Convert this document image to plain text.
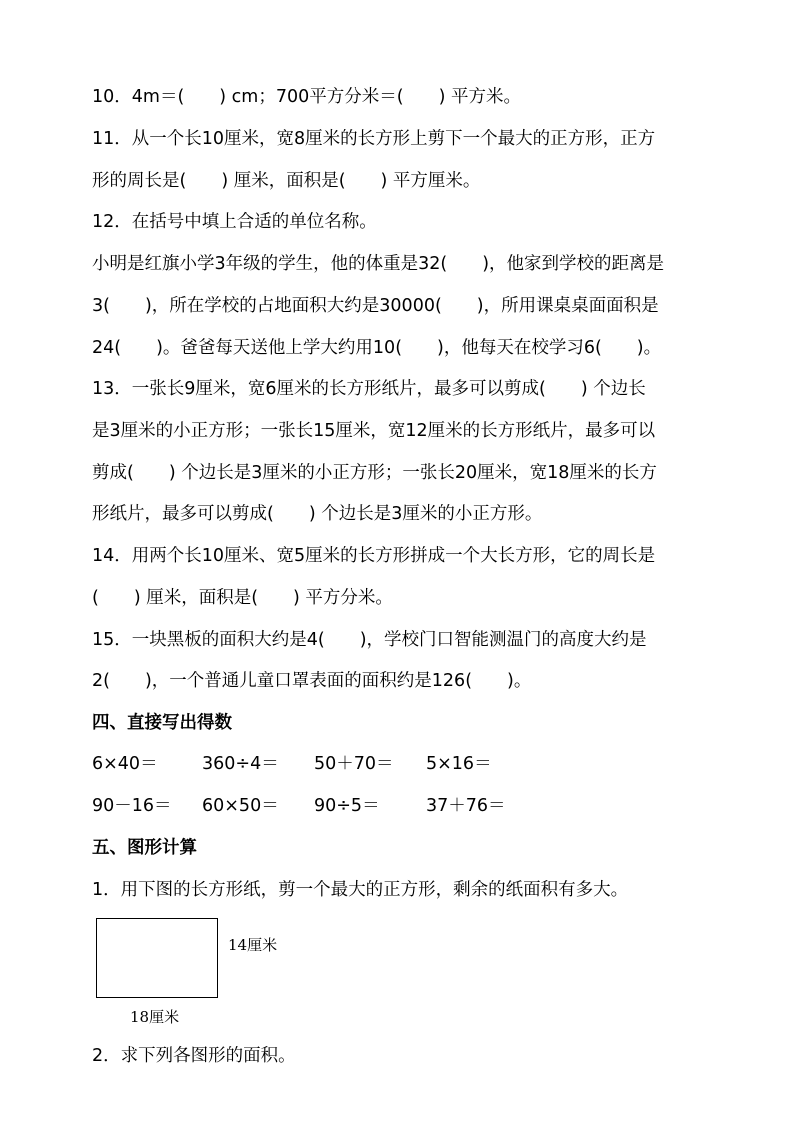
10．4m＝(　　) cm；700平方分米＝(　　) 平方米。
11．从一个长10厘米，宽8厘米的长方形上剪下一个最大的正方形，正方
形的周长是(　　) 厘米，面积是(　　) 平方厘米。
12．在括号中填上合适的单位名称。
小明是红旗小学3年级的学生，他的体重是32(　　)，他家到学校的距离是
3(　　)，所在学校的占地面积大约是30000(　　)，所用课桌桌面面积是
24(　　)。爸爸每天送他上学大约用10(　　)，他每天在校学习6(　　)。
13．一张长9厘米，宽6厘米的长方形纸片，最多可以剪成(　　) 个边长
是3厘米的小正方形；一张长15厘米，宽12厘米的长方形纸片，最多可以
剪成(　　) 个边长是3厘米的小正方形；一张长20厘米，宽18厘米的长方
形纸片，最多可以剪成(　　) 个边长是3厘米的小正方形。
14．用两个长10厘米、宽5厘米的长方形拼成一个大长方形，它的周长是
(　　) 厘米，面积是(　　) 平方分米。
15．一块黑板的面积大约是4(　　)，学校门口智能测温门的高度大约是
2(　　)，一个普通儿童口罩表面的面积约是126(　　)。
四、直接写出得数
6×40＝	360÷4＝ 50＋70＝ 5×16＝
90－16＝ 60×50＝ 90÷5＝	37＋76＝
五、图形计算
1．用下图的长方形纸，剪一个最大的正方形，剩余的纸面积有多大。
14厘米
18厘米
2．求下列各图形的面积。
